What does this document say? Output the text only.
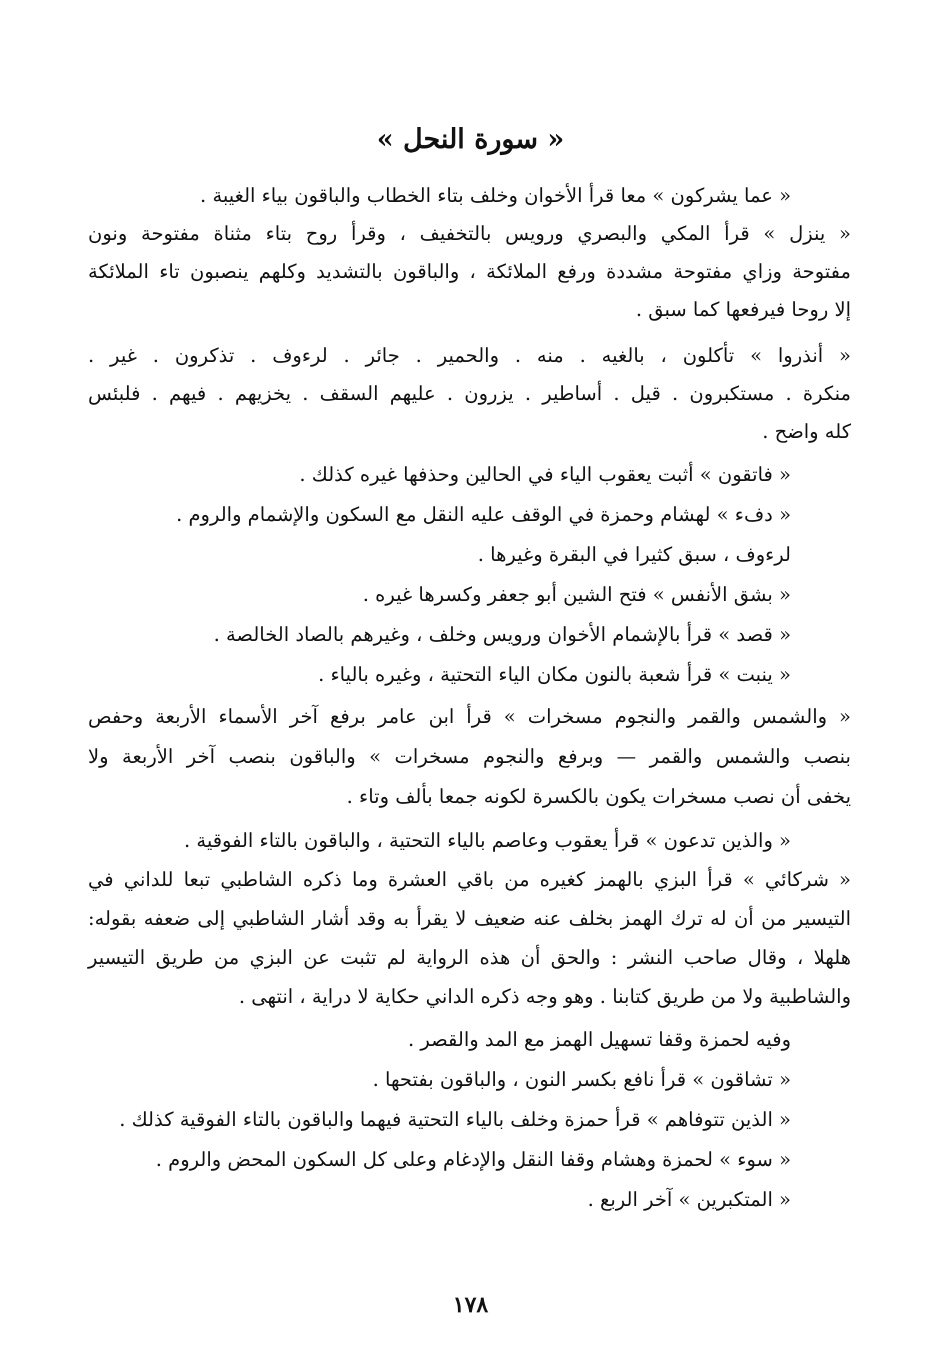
« سورة النحل »
« عما يشركون » معا قرأ الأخوان وخلف بتاء الخطاب والباقون بياء الغيبة .
« ينزل » قرأ المكي والبصري ورويس بالتخفيف ، وقرأ روح بتاء مثناة مفتوحة ونون
مفتوحة وزاي مفتوحة مشددة ورفع الملائكة ، والباقون بالتشديد وكلهم ينصبون تاء الملائكة
إلا روحا فيرفعها كما سبق .
« أنذروا » تأكلون ، بالغيه . منه . والحمير . جائر . لرءوف . تذكرون . غير .
منكرة . مستكبرون . قيل . أساطير . يزرون . عليهم السقف . يخزيهم . فيهم . فلبئس
كله واضح .
« فاتقون » أثبت يعقوب الياء في الحالين وحذفها غيره كذلك .
« دفء » لهشام وحمزة في الوقف عليه النقل مع السكون والإشمام والروم .
لرءوف ، سبق كثيرا في البقرة وغيرها .
« بشق الأنفس » فتح الشين أبو جعفر وكسرها غيره .
« قصد » قرأ بالإشمام الأخوان ورويس وخلف ، وغيرهم بالصاد الخالصة .
« ينبت » قرأ شعبة بالنون مكان الياء التحتية ، وغيره بالياء .
« والشمس والقمر والنجوم مسخرات » قرأ ابن عامر برفع آخر الأسماء الأربعة وحفص
بنصب والشمس والقمر — وبرفع والنجوم مسخرات » والباقون بنصب آخر الأربعة ولا
يخفى أن نصب مسخرات يكون بالكسرة لكونه جمعا بألف وتاء .
« والذين تدعون » قرأ يعقوب وعاصم بالياء التحتية ، والباقون بالتاء الفوقية .
« شركائي » قرأ البزي بالهمز كغيره من باقي العشرة وما ذكره الشاطبي تبعا للداني في
التيسير من أن له ترك الهمز بخلف عنه ضعيف لا يقرأ به وقد أشار الشاطبي إلى ضعفه بقوله:
هلهلا ، وقال صاحب النشر : والحق أن هذه الرواية لم تثبت عن البزي من طريق التيسير
والشاطبية ولا من طريق كتابنا . وهو وجه ذكره الداني حكاية لا دراية ، انتهى .
وفيه لحمزة وقفا تسهيل الهمز مع المد والقصر .
« تشاقون » قرأ نافع بكسر النون ، والباقون بفتحها .
« الذين تتوفاهم » قرأ حمزة وخلف بالياء التحتية فيهما والباقون بالتاء الفوقية كذلك .
« سوء » لحمزة وهشام وقفا النقل والإدغام وعلى كل السكون المحض والروم .
« المتكبرين » آخر الربع .
١٧٨
